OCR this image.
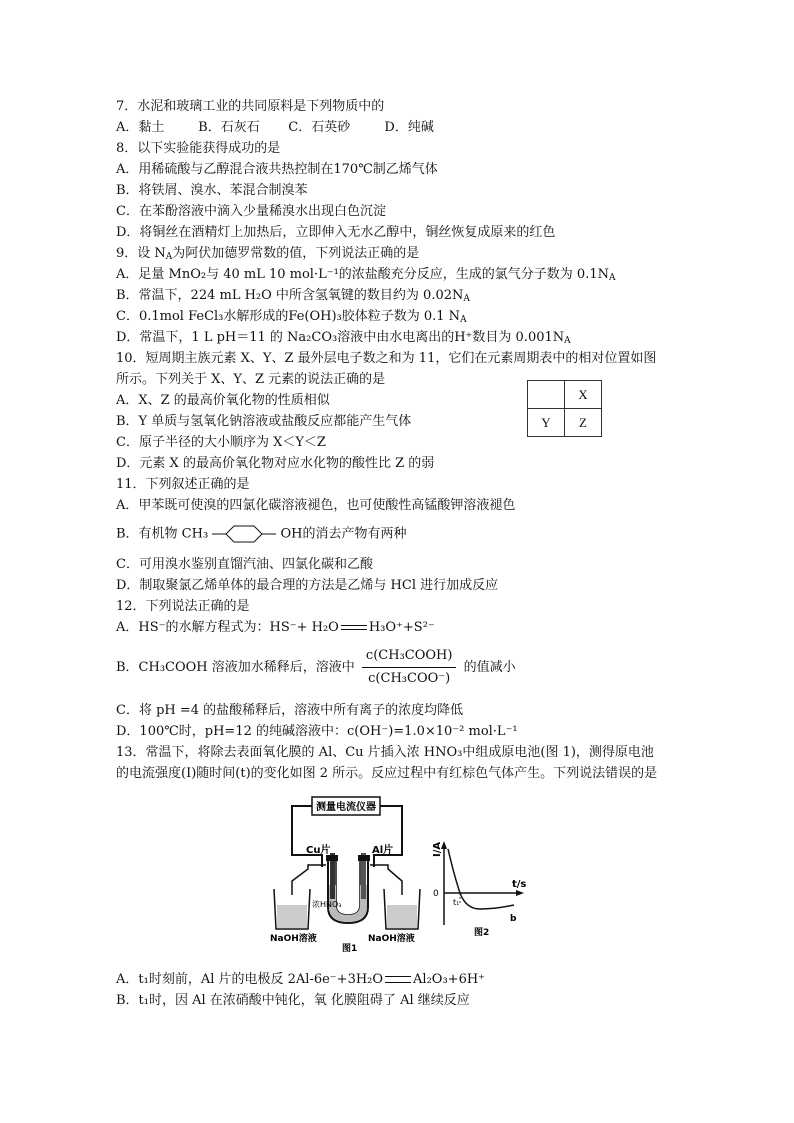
7．水泥和玻璃工业的共同原料是下列物质中的
A．黏土	B．石灰石 C．石英砂	D．纯碱
8．以下实验能获得成功的是
A．用稀硫酸与乙醇混合液共热控制在170℃制乙烯气体
B．将铁屑、溴水、苯混合制溴苯
C．在苯酚溶液中滴入少量稀溴水出现白色沉淀
D．将铜丝在酒精灯上加热后，立即伸入无水乙醇中，铜丝恢复成原来的红色
9．设 $N_A$为阿伏加德罗常数的值，下列说法正确的是
A．足量 MnO₂与 40 mL 10 mol·L⁻¹的浓盐酸充分反应，生成的氯气分子数为 $0.1N_A$
B．常温下，224 mL H₂O 中所含氢氧键的数目约为 $0.02N_A$
C．0.1mol FeCl₃水解形成的Fe(OH)₃胶体粒子数为 0.1 $N_A$
D．常温下，1 L pH＝11 的 Na₂CO₃溶液中由水电离出的H⁺数目为 $0.001N_A$
10．短周期主族元素 X、Y、Z 最外层电子数之和为 11，它们在元素周期表中的相对位置如图
所示。下列关于 X、Y、Z 元素的说法正确的是
A．X、Z 的最高价氧化物的性质相似
B．Y 单质与氢氧化钠溶液或盐酸反应都能产生气体
C．原子半径的大小顺序为 X＜Y＜Z
D．元素 X 的最高价氧化物对应水化物的酸性比 Z 的弱
	X
Y	Z
11．下列叙述正确的是
A．甲苯既可使溴的四氯化碳溶液褪色，也可使酸性高锰酸钾溶液褪色
B．有机物 CH₃	OH的消去产物有两种
C．可用溴水鉴别直馏汽油、四氯化碳和乙酸
D．制取聚氯乙烯单体的最合理的方法是乙烯与 HCl 进行加成反应
12．下列说法正确的是
A．HS⁻的水解方程式为：HS⁻+ H₂O H₃O⁺+S²⁻
B．CH₃COOH 溶液加水稀释后，溶液中 $\frac{\text{c(CH₃COOH)}}{\text{c(CH₃COO⁻)}}$ 的值减小
C．将 pH =4 的盐酸稀释后，溶液中所有离子的浓度均降低
D．100℃时，pH=12 的纯碱溶液中：c(OH⁻)=1.0×10⁻² mol·L⁻¹
13．常温下，将除去表面氧化膜的 Al、Cu 片插入浓 HNO₃中组成原电池(图 1)，测得原电池
的电流强度(I)随时间(t)的变化如图 2 所示。反应过程中有红棕色气体产生。下列说法错误的是
测量电流仪器
Cu片	Al片
浓HNO₃
NaOH溶液	NaOH溶液
图1
I/A
t/s
0
t₁
b
图2
A．t₁时刻前，Al 片的电极反 2Al-6e⁻+3H₂O Al₂O₃+6H⁺
B．t₁时，因 Al 在浓硝酸中钝化，氧 化膜阻碍了 Al 继续反应
